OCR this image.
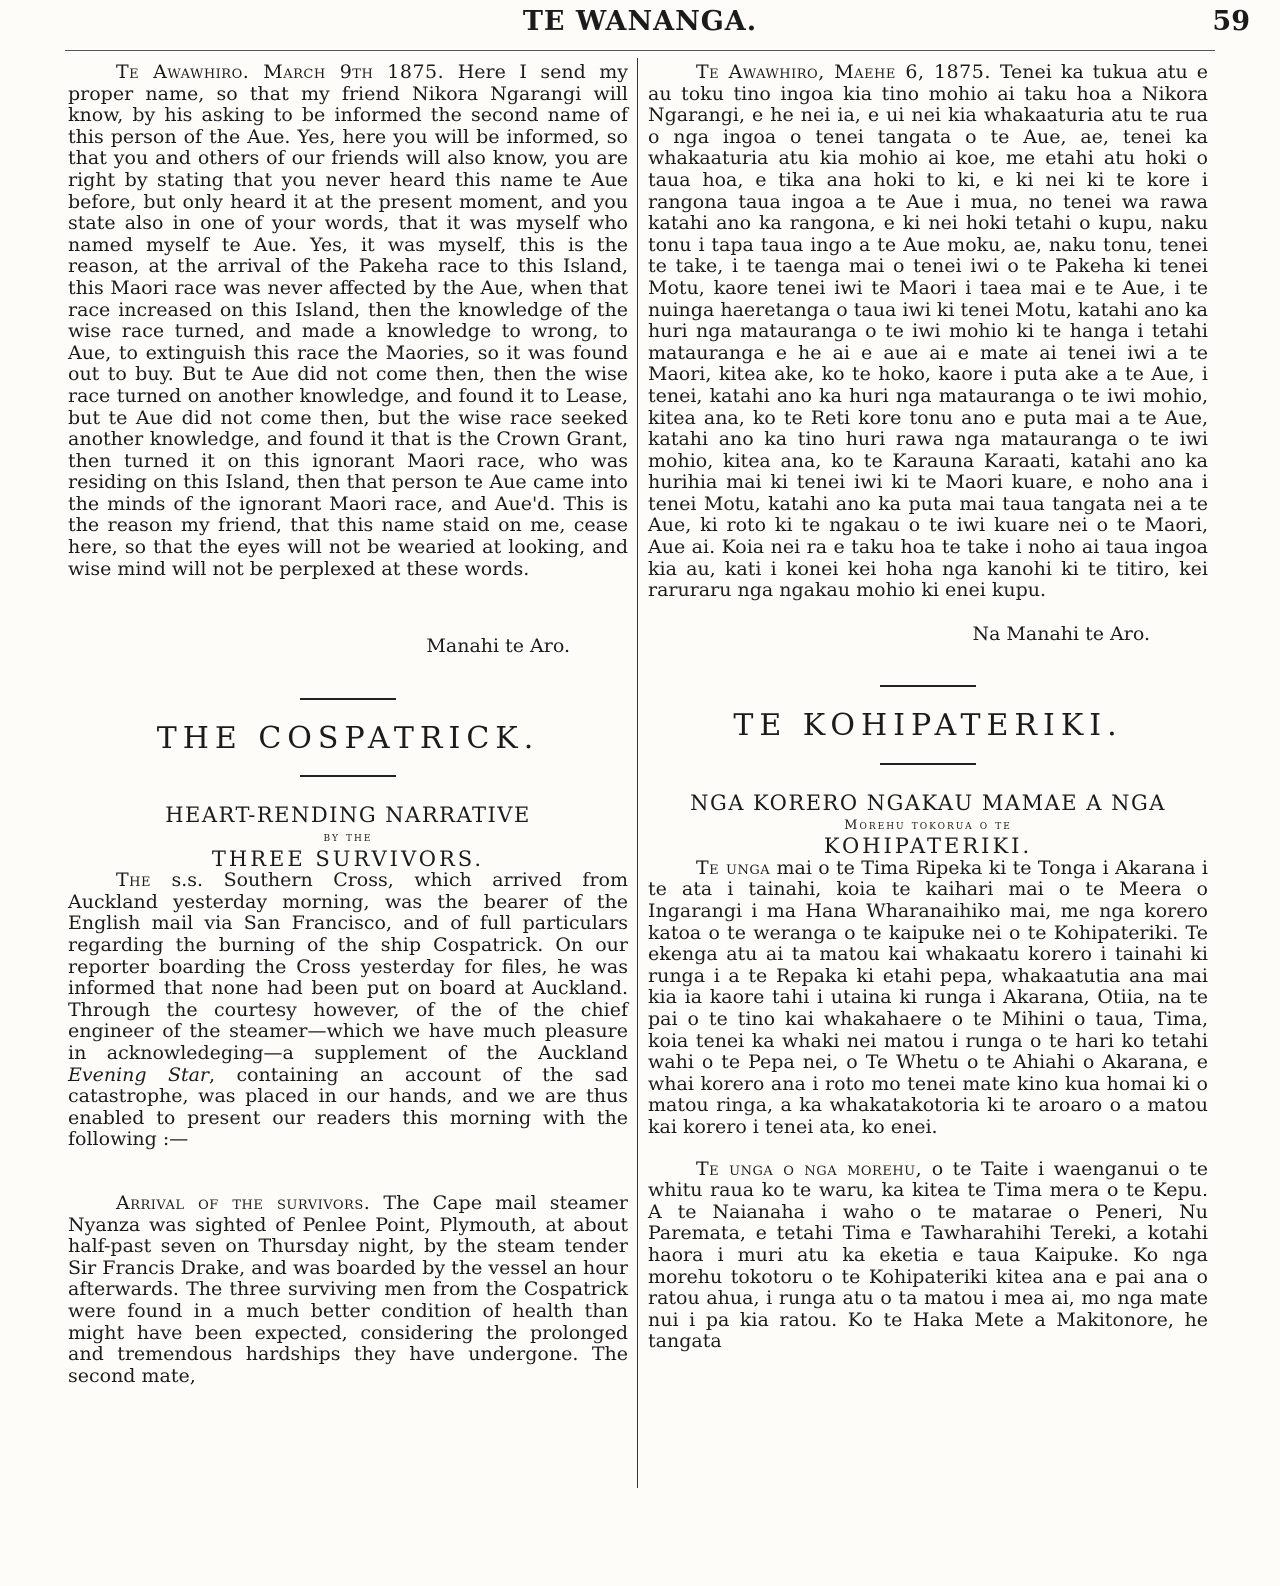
TE WANANGA.	59

Te Awawhiro. March 9th 1875. Here I send my proper name, so that my friend Nikora Ngarangi will know, by his asking to be informed the second name of this person of the Aue. Yes, here you will be informed, so that you and others of our friends will also know, you are right by stating that you never heard this name te Aue before, but only heard it at the present moment, and you state also in one of your words, that it was myself who named myself te Aue. Yes, it was myself, this is the reason, at the arrival of the Pakeha race to this Island, this Maori race was never affected by the Aue, when that race increased on this Island, then the knowledge of the wise race turned, and made a knowledge to wrong, to Aue, to extinguish this race the Maories, so it was found out to buy. But te Aue did not come then, then the wise race turned on another knowledge, and found it to Lease, but te Aue did not come then, but the wise race seeked another knowledge, and found it that is the Crown Grant, then turned it on this ignorant Maori race, who was residing on this Island, then that person te Aue came into the minds of the ignorant Maori race, and Aue'd. This is the reason my friend, that this name staid on me, cease here, so that the eyes will not be wearied at looking, and wise mind will not be perplexed at these words.

Manahi te Aro.

THE COSPATRICK.

HEART-RENDING NARRATIVE

by the

THREE SURVIVORS.

The s.s. Southern Cross, which arrived from Auckland yesterday morning, was the bearer of the English mail via San Francisco, and of full particulars regarding the burning of the ship Cospatrick. On our reporter boarding the Cross yesterday for files, he was informed that none had been put on board at Auckland. Through the courtesy however, of the of the chief engineer of the steamer—which we have much pleasure in acknowledeging—a supplement of the Auckland Evening Star, containing an account of the sad catastrophe, was placed in our hands, and we are thus enabled to present our readers this morning with the following :—

Arrival of the survivors. The Cape mail steamer Nyanza was sighted of Penlee Point, Plymouth, at about half-past seven on Thursday night, by the steam tender Sir Francis Drake, and was boarded by the vessel an hour afterwards. The three surviving men from the Cospatrick were found in a much better condition of health than might have been expected, considering the prolonged and tremendous hardships they have undergone. The second mate,

Te Awawhiro, Maehe 6, 1875. Tenei ka tukua atu e au toku tino ingoa kia tino mohio ai taku hoa a Nikora Ngarangi, e he nei ia, e ui nei kia whakaaturia atu te rua o nga ingoa o tenei tangata o te Aue, ae, tenei ka whakaaturia atu kia mohio ai koe, me etahi atu hoki o taua hoa, e tika ana hoki to ki, e ki nei ki te kore i rangona taua ingoa a te Aue i mua, no tenei wa rawa katahi ano ka rangona, e ki nei hoki tetahi o kupu, naku tonu i tapa taua ingo a te Aue moku, ae, naku tonu, tenei te take, i te taenga mai o tenei iwi o te Pakeha ki tenei Motu, kaore tenei iwi te Maori i taea mai e te Aue, i te nuinga haeretanga o taua iwi ki tenei Motu, katahi ano ka huri nga matauranga o te iwi mohio ki te hanga i tetahi matauranga e he ai e aue ai e mate ai tenei iwi a te Maori, kitea ake, ko te hoko, kaore i puta ake a te Aue, i tenei, katahi ano ka huri nga matauranga o te iwi mohio, kitea ana, ko te Reti kore tonu ano e puta mai a te Aue, katahi ano ka tino huri rawa nga matauranga o te iwi mohio, kitea ana, ko te Karauna Karaati, katahi ano ka hurihia mai ki tenei iwi ki te Maori kuare, e noho ana i tenei Motu, katahi ano ka puta mai taua tangata nei a te Aue, ki roto ki te ngakau o te iwi kuare nei o te Maori, Aue ai. Koia nei ra e taku hoa te take i noho ai taua ingoa kia au, kati i konei kei hoha nga kanohi ki te titiro, kei raruraru nga ngakau mohio ki enei kupu.

Na Manahi te Aro.

TE KOHIPATERIKI.

NGA KORERO NGAKAU MAMAE A NGA

Morehu tokorua o te

KOHIPATERIKI.

Te unga mai o te Tima Ripeka ki te Tonga i Akarana i te ata i tainahi, koia te kaihari mai o te Meera o Ingarangi i ma Hana Wharanaihiko mai, me nga korero katoa o te weranga o te kaipuke nei o te Kohipateriki. Te ekenga atu ai ta matou kai whakaatu korero i tainahi ki runga i a te Repaka ki etahi pepa, whakaatutia ana mai kia ia kaore tahi i utaina ki runga i Akarana, Otiia, na te pai o te tino kai whakahaere o te Mihini o taua, Tima, koia tenei ka whaki nei matou i runga o te hari ko tetahi wahi o te Pepa nei, o Te Whetu o te Ahiahi o Akarana, e whai korero ana i roto mo tenei mate kino kua homai ki o matou ringa, a ka whakatakotoria ki te aroaro o a matou kai korero i tenei ata, ko enei.

Te unga o nga morehu, o te Taite i waenganui o te whitu raua ko te waru, ka kitea te Tima mera o te Kepu. A te Naianaha i waho o te matarae o Peneri, Nu Paremata, e tetahi Tima e Tawharahihi Tereki, a kotahi haora i muri atu ka eketia e taua Kaipuke. Ko nga morehu tokotoru o te Kohipateriki kitea ana e pai ana o ratou ahua, i runga atu o ta matou i mea ai, mo nga mate nui i pa kia ratou. Ko te Haka Mete a Makitonore, he tangata
